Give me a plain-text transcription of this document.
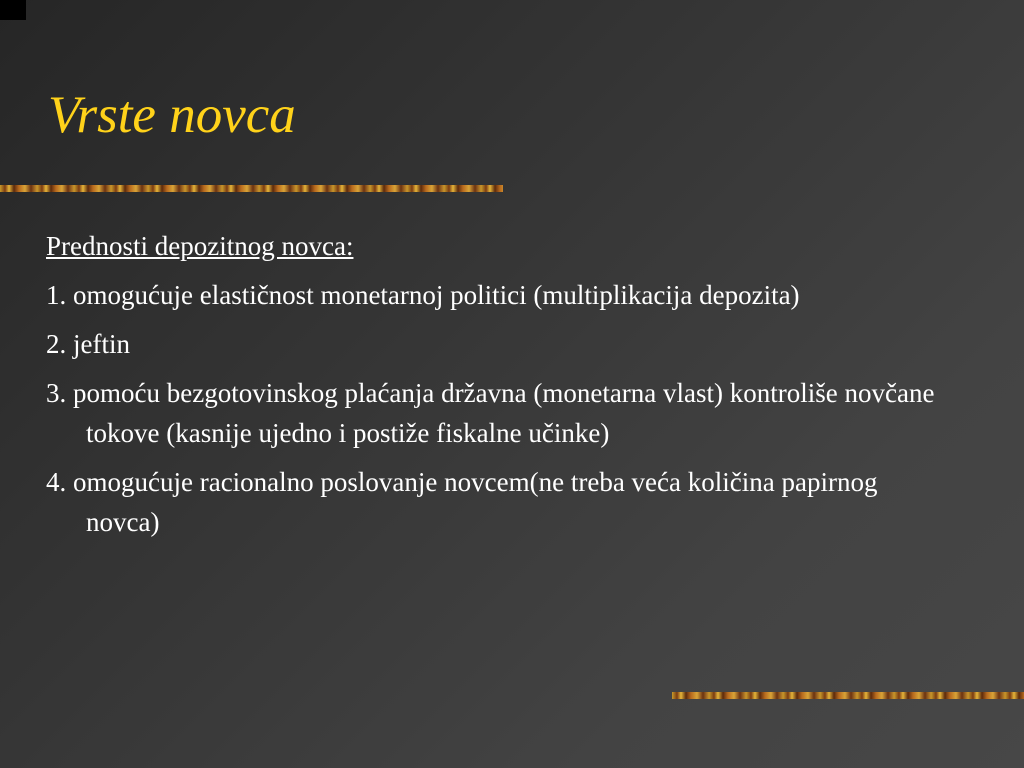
Vrste novca
Prednosti depozitnog novca:
1. omogućuje elastičnost monetarnoj politici (multiplikacija depozita)
2. jeftin
3. pomoću bezgotovinskog plaćanja državna (monetarna vlast) kontroliše novčane tokove (kasnije ujedno i postiže fiskalne učinke)
4. omogućuje racionalno poslovanje novcem(ne treba veća količina papirnog novca)
